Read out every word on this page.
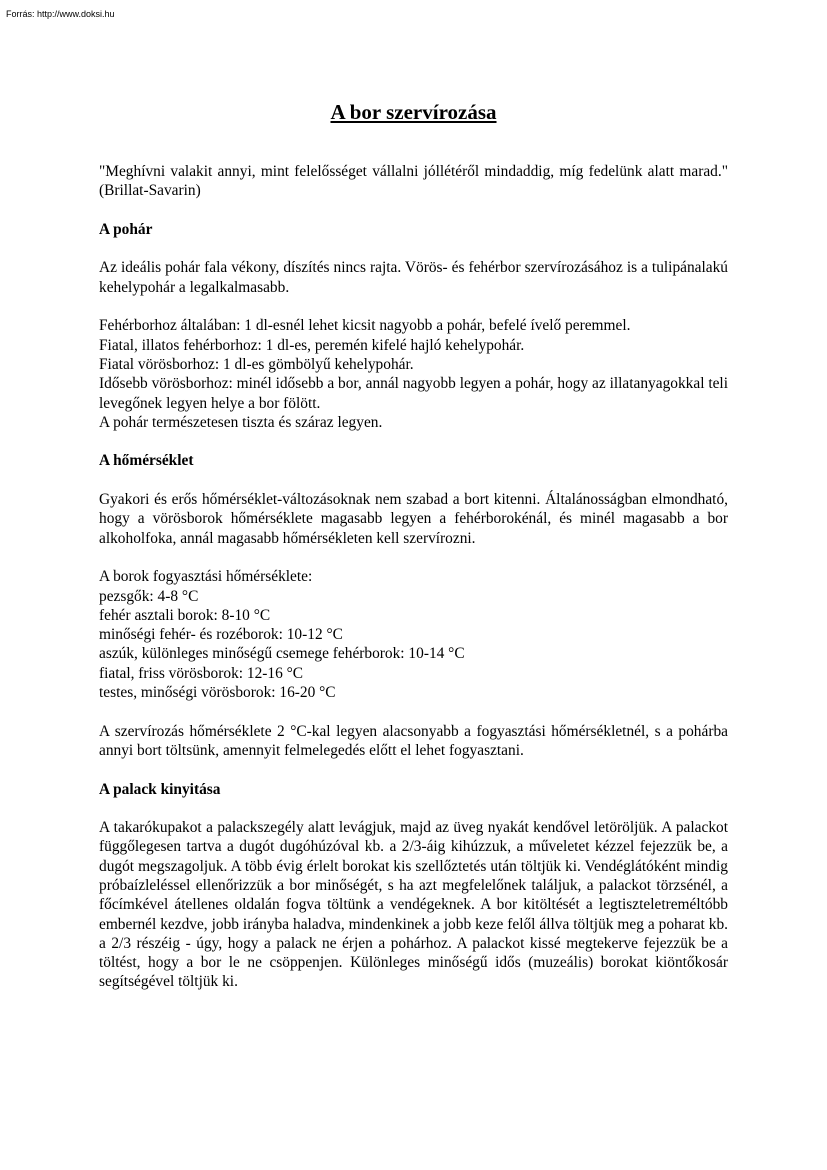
Forrás: http://www.doksi.hu
A bor szervírozása

"Meghívni valakit annyi, mint felelősséget vállalni jóllétéről mindaddig, míg fedelünk alatt marad." (Brillat-Savarin)

A pohár

Az ideális pohár fala vékony, díszítés nincs rajta. Vörös- és fehérbor szervírozásához is a tulipánalakú kehelypohár a legalkalmasabb.

Fehérborhoz általában: 1 dl-esnél lehet kicsit nagyobb a pohár, befelé ívelő peremmel.

Fiatal, illatos fehérborhoz: 1 dl-es, peremén kifelé hajló kehelypohár.

Fiatal vörösborhoz: 1 dl-es gömbölyű kehelypohár.

Idősebb vörösborhoz: minél idősebb a bor, annál nagyobb legyen a pohár, hogy az illatanyagokkal teli levegőnek legyen helye a bor fölött.

A pohár természetesen tiszta és száraz legyen.

A hőmérséklet

Gyakori és erős hőmérséklet-változásoknak nem szabad a bort kitenni. Általánosságban elmondható, hogy a vörösborok hőmérséklete magasabb legyen a fehérborokénál, és minél magasabb a bor alkoholfoka, annál magasabb hőmérsékleten kell szervírozni.

A borok fogyasztási hőmérséklete:

pezsgők: 4-8 °C

fehér asztali borok: 8-10 °C

minőségi fehér- és rozéborok: 10-12 °C

aszúk, különleges minőségű csemege fehérborok: 10-14 °C

fiatal, friss vörösborok: 12-16 °C

testes, minőségi vörösborok: 16-20 °C

A szervírozás hőmérséklete 2 °C-kal legyen alacsonyabb a fogyasztási hőmérsékletnél, s a pohárba annyi bort töltsünk, amennyit felmelegedés előtt el lehet fogyasztani.

A palack kinyitása

A takarókupakot a palackszegély alatt levágjuk, majd az üveg nyakát kendővel letöröljük. A palackot függőlegesen tartva a dugót dugóhúzóval kb. a 2/3-áig kihúzzuk, a műveletet kézzel fejezzük be, a dugót megszagoljuk. A több évig érlelt borokat kis szellőztetés után töltjük ki. Vendéglátóként mindig próbaízleléssel ellenőrizzük a bor minőségét, s ha azt megfelelőnek találjuk, a palackot törzsénél, a főcímkével átellenes oldalán fogva töltünk a vendégeknek. A bor kitöltését a legtiszteletreméltóbb embernél kezdve, jobb irányba haladva, mindenkinek a jobb keze felől állva töltjük meg a poharat kb. a 2/3 részéig - úgy, hogy a palack ne érjen a pohárhoz. A palackot kissé megtekerve fejezzük be a töltést, hogy a bor le ne csöppenjen. Különleges minőségű idős (muzeális) borokat kiöntőkosár segítségével töltjük ki.
